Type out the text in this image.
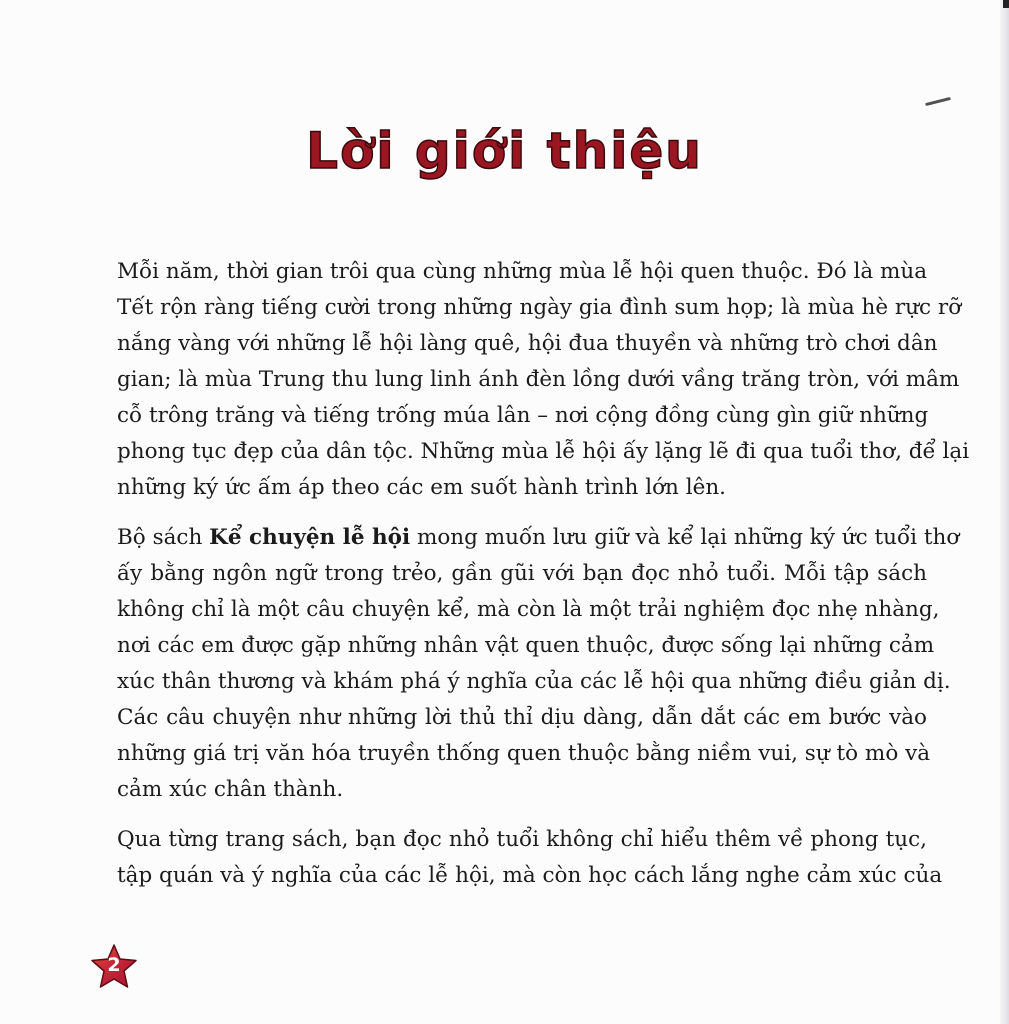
Lời giới thiệu
Mỗi năm, thời gian trôi qua cùng những mùa lễ hội quen thuộc. Đó là mùa
Tết rộn ràng tiếng cười trong những ngày gia đình sum họp; là mùa hè rực rỡ
nắng vàng với những lễ hội làng quê, hội đua thuyền và những trò chơi dân
gian; là mùa Trung thu lung linh ánh đèn lồng dưới vầng trăng tròn, với mâm
cỗ trông trăng và tiếng trống múa lân – nơi cộng đồng cùng gìn giữ những
phong tục đẹp của dân tộc. Những mùa lễ hội ấy lặng lẽ đi qua tuổi thơ, để lại
những ký ức ấm áp theo các em suốt hành trình lớn lên.
Bộ sách Kể chuyện lễ hội mong muốn lưu giữ và kể lại những ký ức tuổi thơ
ấy bằng ngôn ngữ trong trẻo, gần gũi với bạn đọc nhỏ tuổi. Mỗi tập sách
không chỉ là một câu chuyện kể, mà còn là một trải nghiệm đọc nhẹ nhàng,
nơi các em được gặp những nhân vật quen thuộc, được sống lại những cảm
xúc thân thương và khám phá ý nghĩa của các lễ hội qua những điều giản dị.
Các câu chuyện như những lời thủ thỉ dịu dàng, dẫn dắt các em bước vào
những giá trị văn hóa truyền thống quen thuộc bằng niềm vui, sự tò mò và
cảm xúc chân thành.
Qua từng trang sách, bạn đọc nhỏ tuổi không chỉ hiểu thêm về phong tục,
tập quán và ý nghĩa của các lễ hội, mà còn học cách lắng nghe cảm xúc của
2
